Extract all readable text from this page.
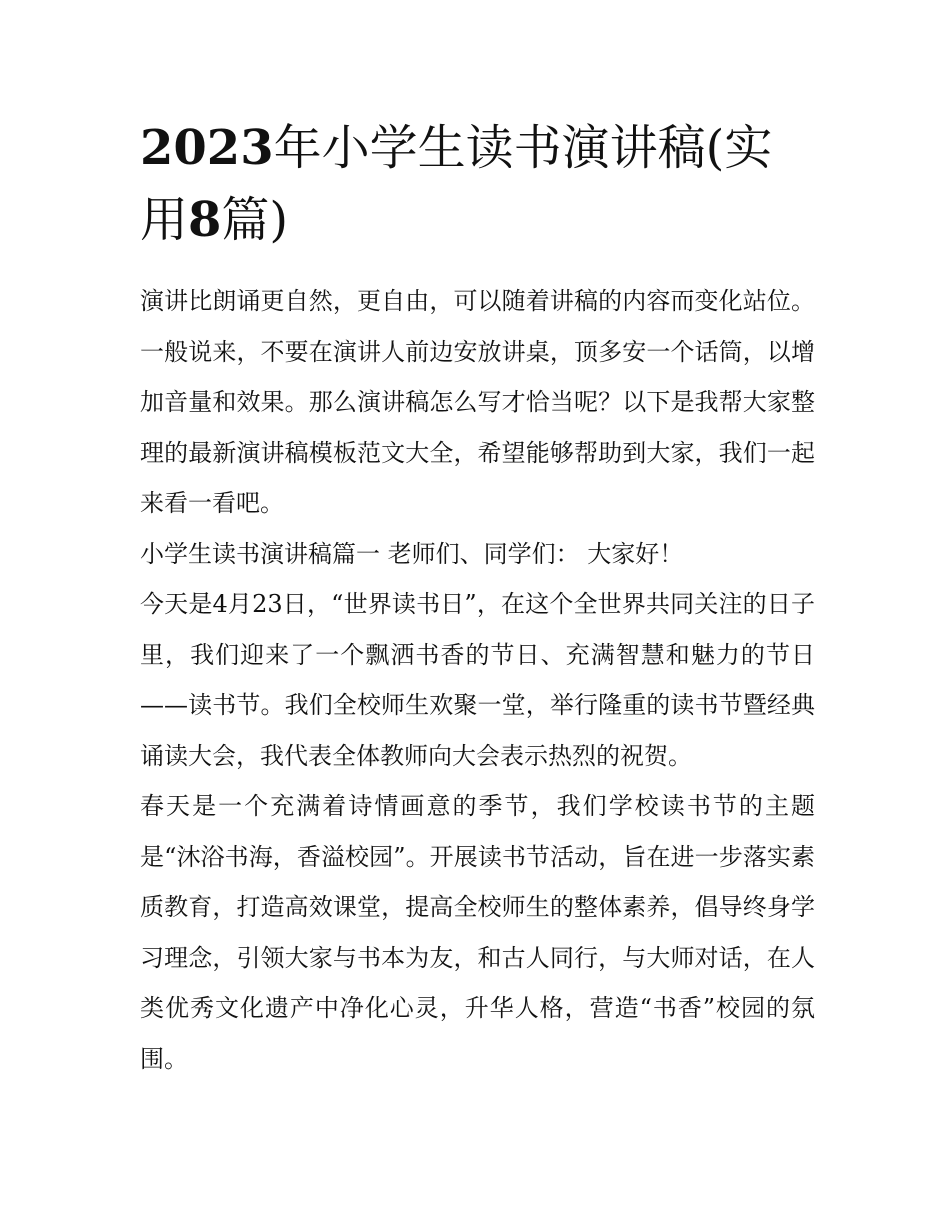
2023年小学生读书演讲稿(实用8篇)

演讲比朗诵更自然，更自由，可以随着讲稿的内容而变化站位。一般说来，不要在演讲人前边安放讲桌，顶多安一个话筒，以增加音量和效果。那么演讲稿怎么写才恰当呢？以下是我帮大家整理的最新演讲稿模板范文大全，希望能够帮助到大家，我们一起来看一看吧。

小学生读书演讲稿篇一 老师们、同学们： 大家好！

今天是4月23日，“世界读书日”，在这个全世界共同关注的日子里，我们迎来了一个飘洒书香的节日、充满智慧和魅力的节日——读书节。我们全校师生欢聚一堂，举行隆重的读书节暨经典诵读大会，我代表全体教师向大会表示热烈的祝贺。

春天是一个充满着诗情画意的季节，我们学校读书节的主题是“沐浴书海，香溢校园”。开展读书节活动，旨在进一步落实素质教育，打造高效课堂，提高全校师生的整体素养，倡导终身学习理念，引领大家与书本为友，和古人同行，与大师对话，在人类优秀文化遗产中净化心灵，升华人格，营造“书香”校园的氛围。
